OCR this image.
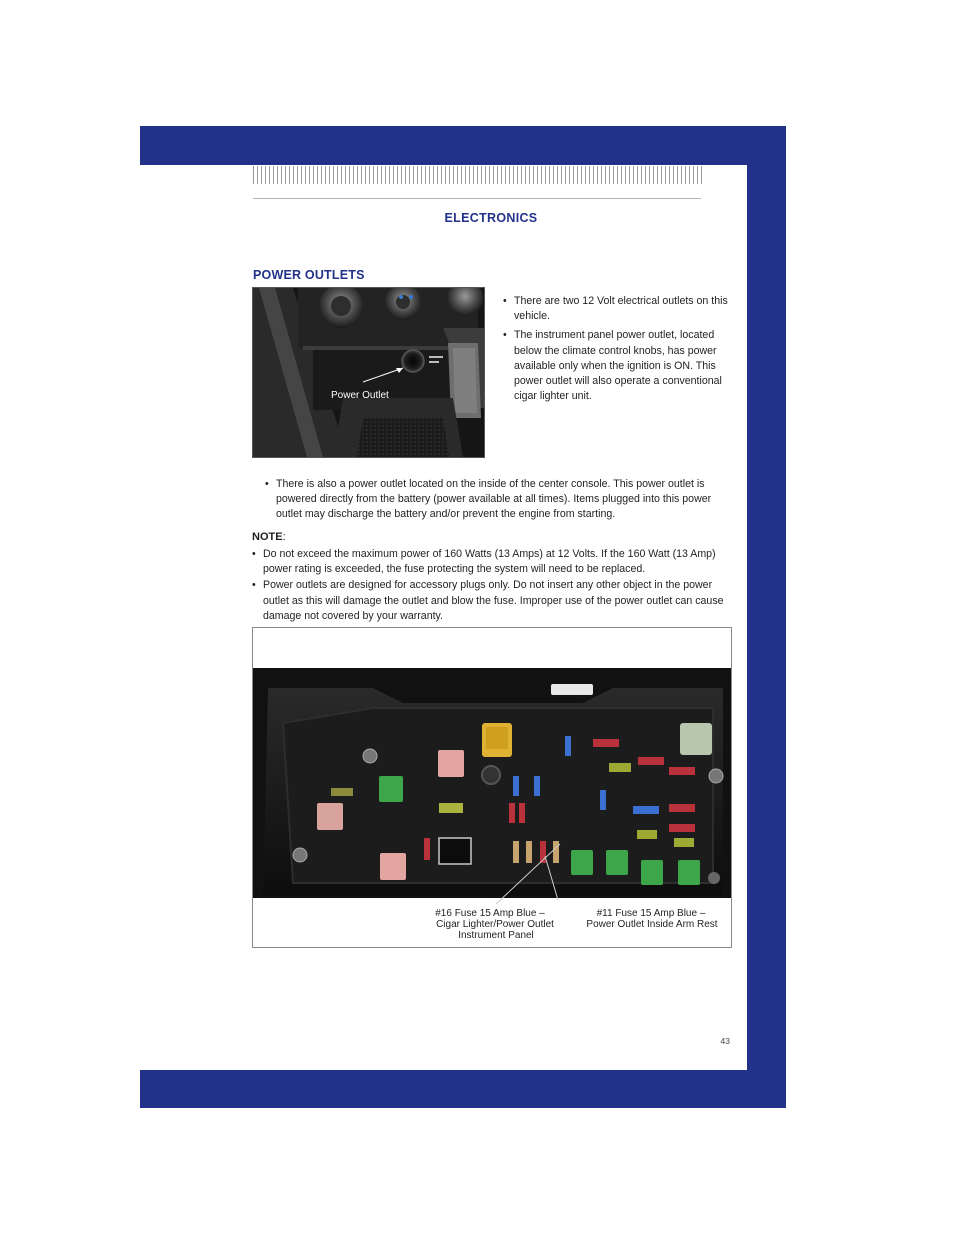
ELECTRONICS
POWER OUTLETS
Power Outlet
• There are two 12 Volt electrical outlets on this vehicle.
• The instrument panel power outlet, located below the climate control knobs, has power available only when the ignition is ON. This power outlet will also operate a conventional cigar lighter unit.
• There is also a power outlet located on the inside of the center console. This power outlet is powered directly from the battery (power available at all times). Items plugged into this power outlet may discharge the battery and/or prevent the engine from starting.
NOTE:
• Do not exceed the maximum power of 160 Watts (13 Amps) at 12 Volts. If the 160 Watt (13 Amp) power rating is exceeded, the fuse protecting the system will need to be replaced.
• Power outlets are designed for accessory plugs only. Do not insert any other object in the power outlet as this will damage the outlet and blow the fuse. Improper use of the power outlet can cause damage not covered by your warranty.
#16 Fuse 15 Amp Blue –
Cigar Lighter/Power Outlet
Instrument Panel
#11 Fuse 15 Amp Blue –
Power Outlet Inside Arm Rest
43
